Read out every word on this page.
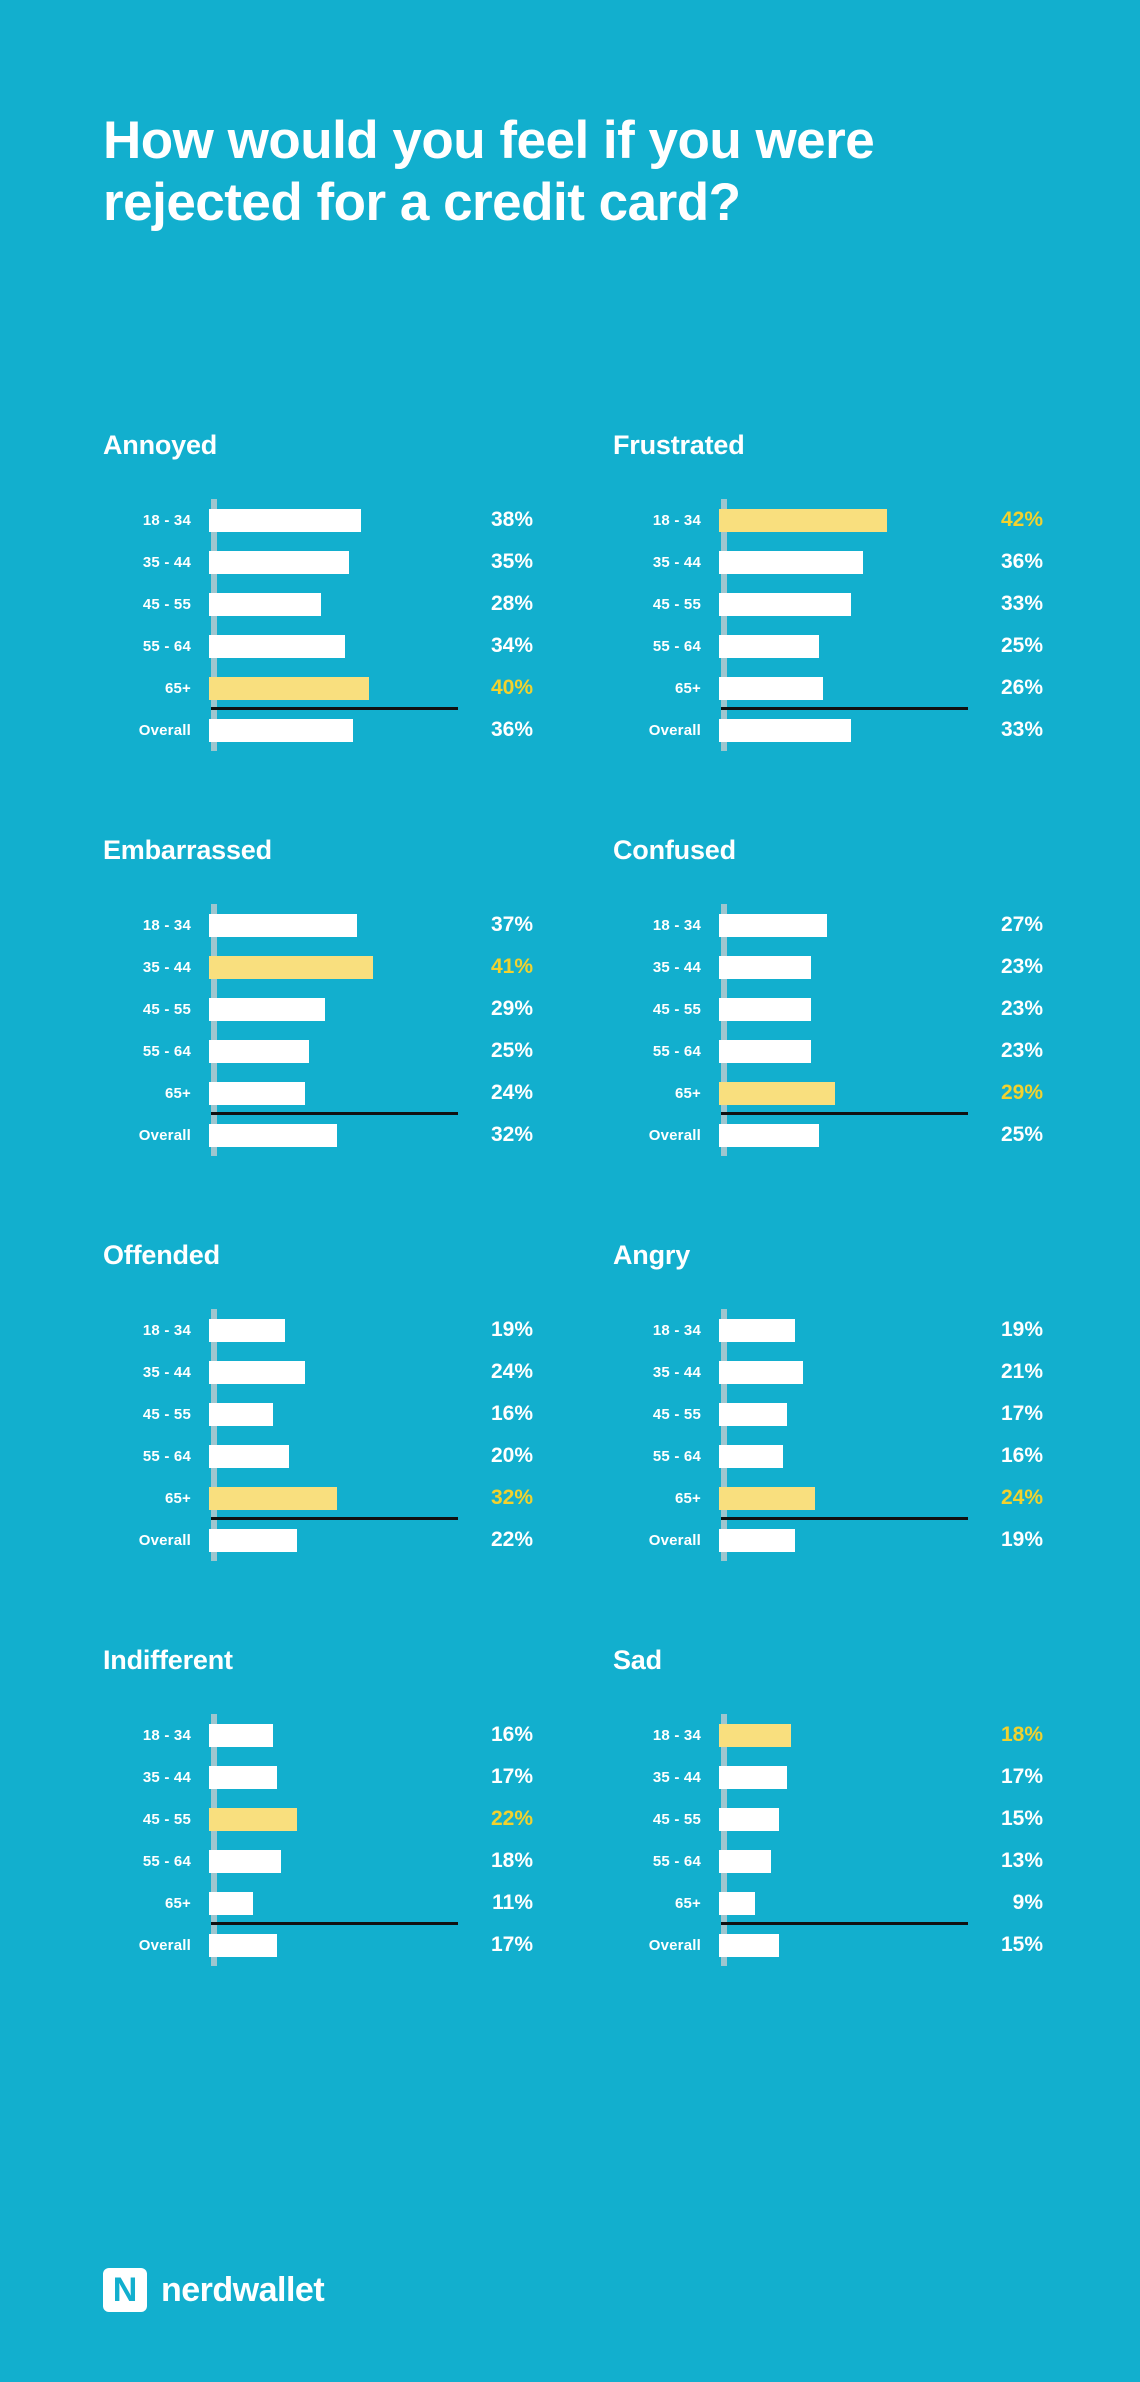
How would you feel if you were rejected for a credit card?
Annoyed
18 - 34	38%
35 - 44	35%
45 - 55	28%
55 - 64	34%
65+	40%
Overall	36%
Frustrated
18 - 34	42%
35 - 44	36%
45 - 55	33%
55 - 64	25%
65+	26%
Overall	33%
Embarrassed
18 - 34	37%
35 - 44	41%
45 - 55	29%
55 - 64	25%
65+	24%
Overall	32%
Confused
18 - 34	27%
35 - 44	23%
45 - 55	23%
55 - 64	23%
65+	29%
Overall	25%
Offended
18 - 34	19%
35 - 44	24%
45 - 55	16%
55 - 64	20%
65+	32%
Overall	22%
Angry
18 - 34	19%
35 - 44	21%
45 - 55	17%
55 - 64	16%
65+	24%
Overall	19%
Indifferent
18 - 34	16%
35 - 44	17%
45 - 55	22%
55 - 64	18%
65+	11%
Overall	17%
Sad
18 - 34	18%
35 - 44	17%
45 - 55	15%
55 - 64	13%
65+	9%
Overall	15%
N
nerdwallet
